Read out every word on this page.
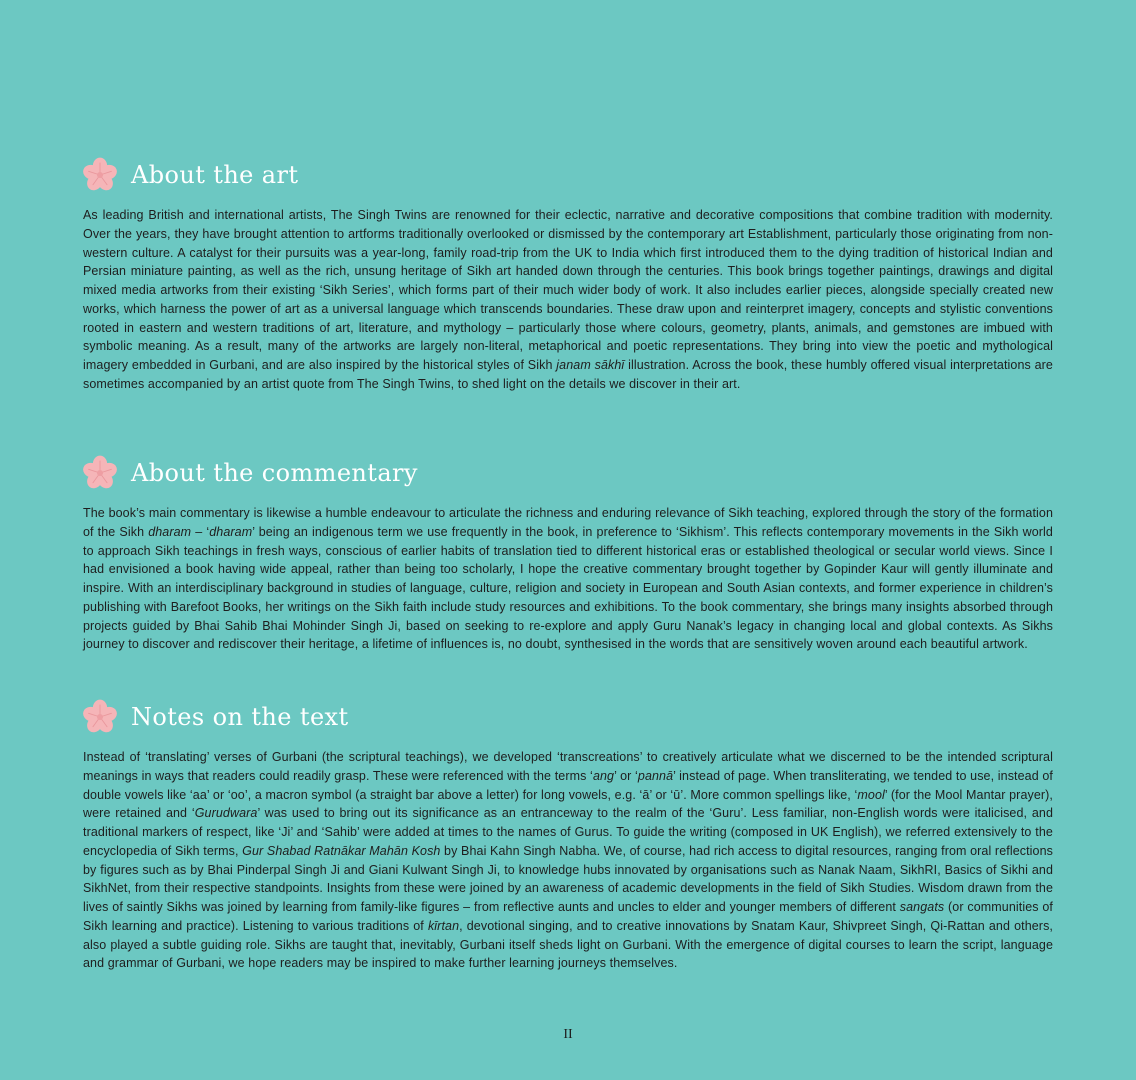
About the art

As leading British and international artists, The Singh Twins are renowned for their eclectic, narrative and decorative compositions that combine tradition with modernity. Over the years, they have brought attention to artforms traditionally overlooked or dismissed by the contemporary art Establishment, particularly those originating from non-western culture. A catalyst for their pursuits was a year-long, family road-trip from the UK to India which first introduced them to the dying tradition of historical Indian and Persian miniature painting, as well as the rich, unsung heritage of Sikh art handed down through the centuries. This book brings together paintings, drawings and digital mixed media artworks from their existing ‘Sikh Series’, which forms part of their much wider body of work. It also includes earlier pieces, alongside specially created new works, which harness the power of art as a universal language which transcends boundaries. These draw upon and reinterpret imagery, concepts and stylistic conventions rooted in eastern and western traditions of art, literature, and mythology – particularly those where colours, geometry, plants, animals, and gemstones are imbued with symbolic meaning. As a result, many of the artworks are largely non-literal, metaphorical and poetic representations. They bring into view the poetic and mythological imagery embedded in Gurbani, and are also inspired by the historical styles of Sikh janam sākhī illustration. Across the book, these humbly offered visual interpretations are sometimes accompanied by an artist quote from The Singh Twins, to shed light on the details we discover in their art.

About the commentary

The book’s main commentary is likewise a humble endeavour to articulate the richness and enduring relevance of Sikh teaching, explored through the story of the formation of the Sikh dharam – ‘dharam’ being an indigenous term we use frequently in the book, in preference to ‘Sikhism’. This reflects contemporary movements in the Sikh world to approach Sikh teachings in fresh ways, conscious of earlier habits of translation tied to different historical eras or established theological or secular world views. Since I had envisioned a book having wide appeal, rather than being too scholarly, I hope the creative commentary brought together by Gopinder Kaur will gently illuminate and inspire. With an interdisciplinary background in studies of language, culture, religion and society in European and South Asian contexts, and former experience in children’s publishing with Barefoot Books, her writings on the Sikh faith include study resources and exhibitions. To the book commentary, she brings many insights absorbed through projects guided by Bhai Sahib Bhai Mohinder Singh Ji, based on seeking to re-explore and apply Guru Nanak’s legacy in changing local and global contexts. As Sikhs journey to discover and rediscover their heritage, a lifetime of influences is, no doubt, synthesised in the words that are sensitively woven around each beautiful artwork.

Notes on the text

Instead of ‘translating’ verses of Gurbani (the scriptural teachings), we developed ‘transcreations’ to creatively articulate what we discerned to be the intended scriptural meanings in ways that readers could readily grasp. These were referenced with the terms ‘ang’ or ‘pannā’ instead of page. When transliterating, we tended to use, instead of double vowels like ‘aa’ or ‘oo’, a macron symbol (a straight bar above a letter) for long vowels, e.g. ‘ā’ or ‘ū’. More common spellings like, ‘mool’ (for the Mool Mantar prayer), were retained and ‘Gurudwara’ was used to bring out its significance as an entranceway to the realm of the ‘Guru’. Less familiar, non-English words were italicised, and traditional markers of respect, like ‘Ji’ and ‘Sahib’ were added at times to the names of Gurus. To guide the writing (composed in UK English), we referred extensively to the encyclopedia of Sikh terms, Gur Shabad Ratnākar Mahān Kosh by Bhai Kahn Singh Nabha. We, of course, had rich access to digital resources, ranging from oral reflections by figures such as by Bhai Pinderpal Singh Ji and Giani Kulwant Singh Ji, to knowledge hubs innovated by organisations such as Nanak Naam, SikhRI, Basics of Sikhi and SikhNet, from their respective standpoints. Insights from these were joined by an awareness of academic developments in the field of Sikh Studies. Wisdom drawn from the lives of saintly Sikhs was joined by learning from family-like figures – from reflective aunts and uncles to elder and younger members of different sangats (or communities of Sikh learning and practice). Listening to various traditions of kīrtan, devotional singing, and to creative innovations by Snatam Kaur, Shivpreet Singh, Qi-Rattan and others, also played a subtle guiding role. Sikhs are taught that, inevitably, Gurbani itself sheds light on Gurbani. With the emergence of digital courses to learn the script, language and grammar of Gurbani, we hope readers may be inspired to make further learning journeys themselves.

II
